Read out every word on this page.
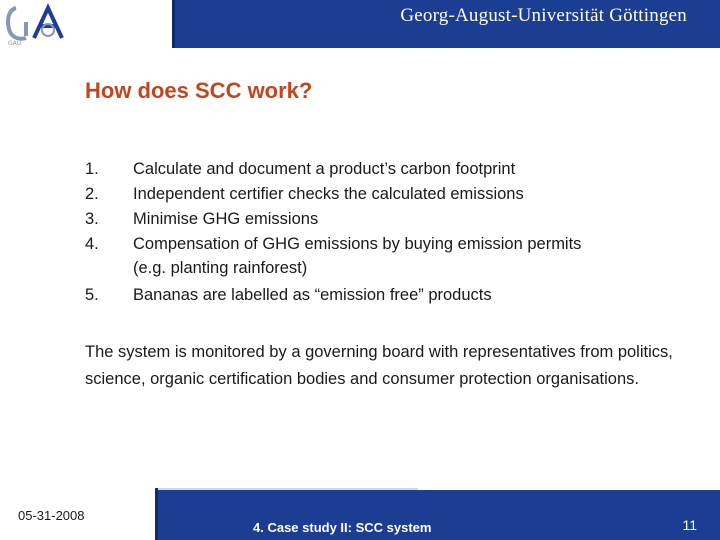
GAU
Georg-August-Universität Göttingen
How does SCC work?
1.	Calculate and document a product’s carbon footprint
2.	Independent certifier checks the calculated emissions
3.	Minimise GHG emissions
4.	Compensation of GHG emissions by buying emission permits
(e.g. planting rainforest)
5.	Bananas are labelled as “emission free” products
The system is monitored by a governing board with representatives from politics, science, organic certification bodies and consumer protection organisations.
05-31-2008
4. Case study II: SCC system	11
